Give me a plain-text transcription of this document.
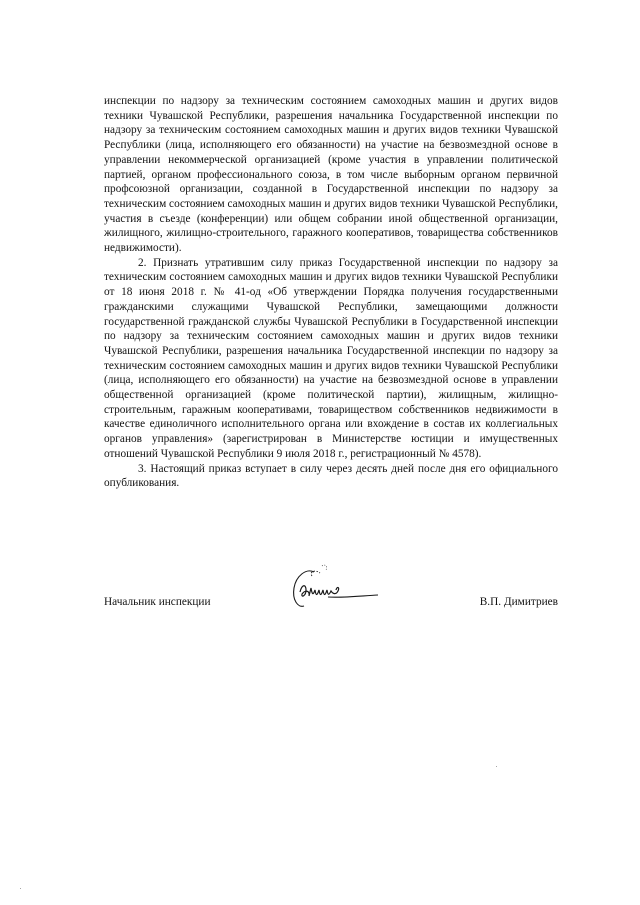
инспекции по надзору за техническим состоянием самоходных машин и других видов техники Чувашской Республики, разрешения начальника Государственной инспекции по надзору за техническим состоянием самоходных машин и других видов техники Чувашской Республики (лица, исполняющего его обязанности) на участие на безвозмездной основе в управлении некоммерческой организацией (кроме участия в управлении политической партией, органом профессионального союза, в том числе выборным органом первичной профсоюзной организации, созданной в Государственной инспекции по надзору за техническим состоянием самоходных машин и других видов техники Чувашской Республики, участия в съезде (конференции) или общем собрании иной общественной организации, жилищного, жилищно-строительного, гаражного кооперативов, товарищества собственников недвижимости).

2. Признать утратившим силу приказ Государственной инспекции по надзору за техническим состоянием самоходных машин и других видов техники Чувашской Республики от 18 июня 2018 г. № 41-од «Об утверждении Порядка получения государственными гражданскими служащими Чувашской Республики, замещающими должности государственной гражданской службы Чувашской Республики в Государственной инспекции по надзору за техническим состоянием самоходных машин и других видов техники Чувашской Республики, разрешения начальника Государственной инспекции по надзору за техническим состоянием самоходных машин и других видов техники Чувашской Республики (лица, исполняющего его обязанности) на участие на безвозмездной основе в управлении общественной организацией (кроме политической партии), жилищным, жилищно-строительным, гаражным кооперативами, товариществом собственников недвижимости в качестве единоличного исполнительного органа или вхождение в состав их коллегиальных органов управления» (зарегистрирован в Министерстве юстиции и имущественных отношений Чувашской Республики 9 июля 2018 г., регистрационный № 4578).

3. Настоящий приказ вступает в силу через десять дней после дня его официального опубликования.

Начальник инспекции	В.П. Димитриев
